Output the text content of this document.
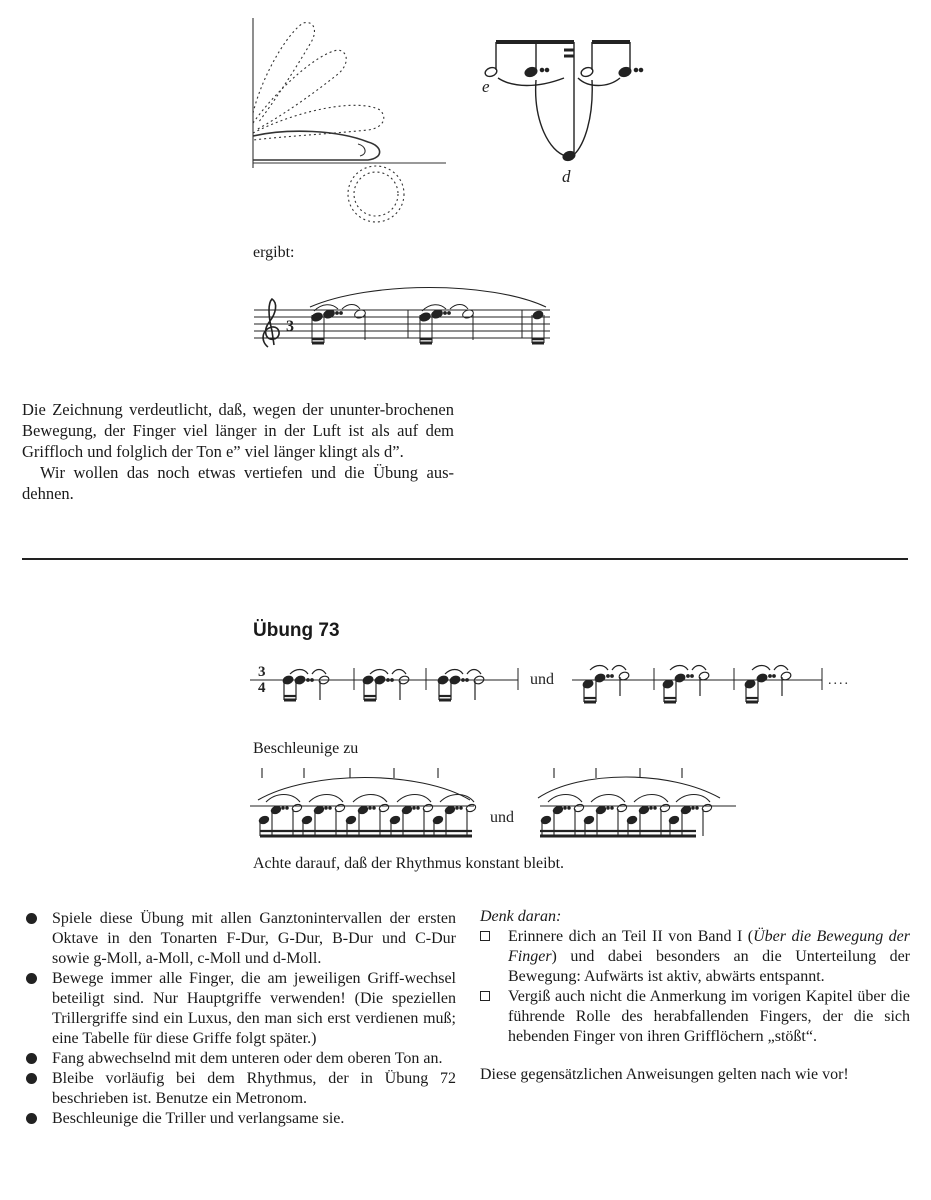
e
d
ergibt:
3

Die Zeichnung verdeutlicht, daß, wegen der ununter-brochenen Bewegung, der Finger viel länger in der Luft ist als auf dem Griffloch und folglich der Ton e” viel länger klingt als d”.

Wir wollen das noch etwas vertiefen und die Übung aus-dehnen.

Übung 73
3
4	und	....
Beschleunige zu
und
Achte darauf, daß der Rhythmus konstant bleibt.
Spiele diese Übung mit allen Ganztonintervallen der ersten Oktave in den Tonarten F-Dur, G-Dur, B-Dur und C-Dur sowie g-Moll, a-Moll, c-Moll und d-Moll.
Bewege immer alle Finger, die am jeweiligen Griff-wechsel beteiligt sind. Nur Hauptgriffe verwenden! (Die speziellen Trillergriffe sind ein Luxus, den man sich erst verdienen muß; eine Tabelle für diese Griffe folgt später.)
Fang abwechselnd mit dem unteren oder dem oberen Ton an.
Bleibe vorläufig bei dem Rhythmus, der in Übung 72 beschrieben ist. Benutze ein Metronom.
Beschleunige die Triller und verlangsame sie.
Denk daran:
Erinnere dich an Teil II von Band I (Über die Bewegung der Finger) und dabei besonders an die Unterteilung der Bewegung: Aufwärts ist aktiv, abwärts entspannt.
Vergiß auch nicht die Anmerkung im vorigen Kapitel über die führende Rolle des herabfallenden Fingers, der die sich hebenden Finger von ihren Grifflöchern „stößt“.
Diese gegensätzlichen Anweisungen gelten nach wie vor!
